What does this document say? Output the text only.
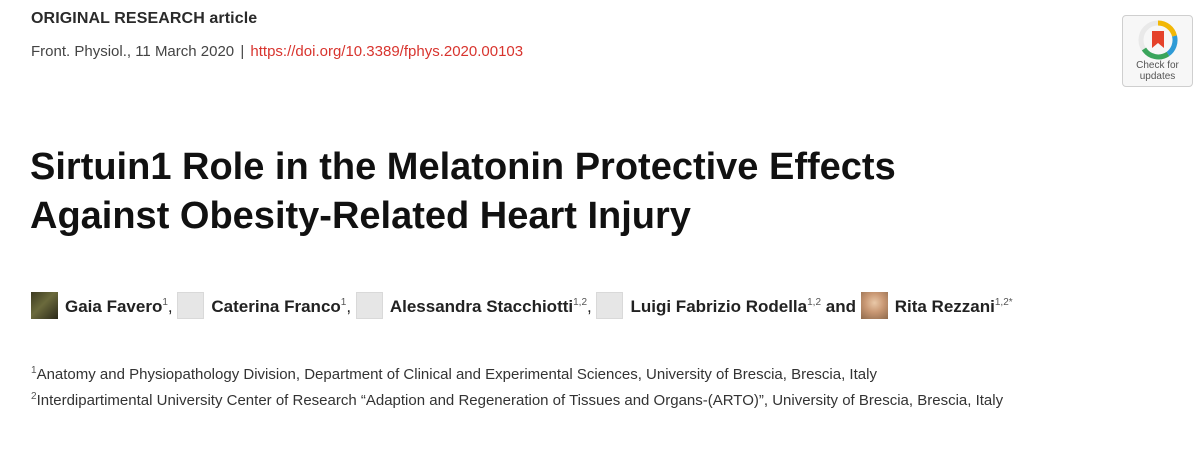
ORIGINAL RESEARCH article
Front. Physiol., 11 March 2020 | https://doi.org/10.3389/fphys.2020.00103
Check for
updates
Sirtuin1 Role in the Melatonin Protective Effects
Against Obesity-Related Heart Injury
Gaia Favero$^1$, Caterina Franco$^1$, Alessandra Stacchiotti$^{1,2}$, Luigi Fabrizio Rodella$^{1,2}$ and Rita Rezzani$^{1,2*}$
$^1$Anatomy and Physiopathology Division, Department of Clinical and Experimental Sciences, University of Brescia, Brescia, Italy
$^2$Interdipartimental University Center of Research “Adaption and Regeneration of Tissues and Organs-(ARTO)”, University of Brescia, Brescia, Italy
